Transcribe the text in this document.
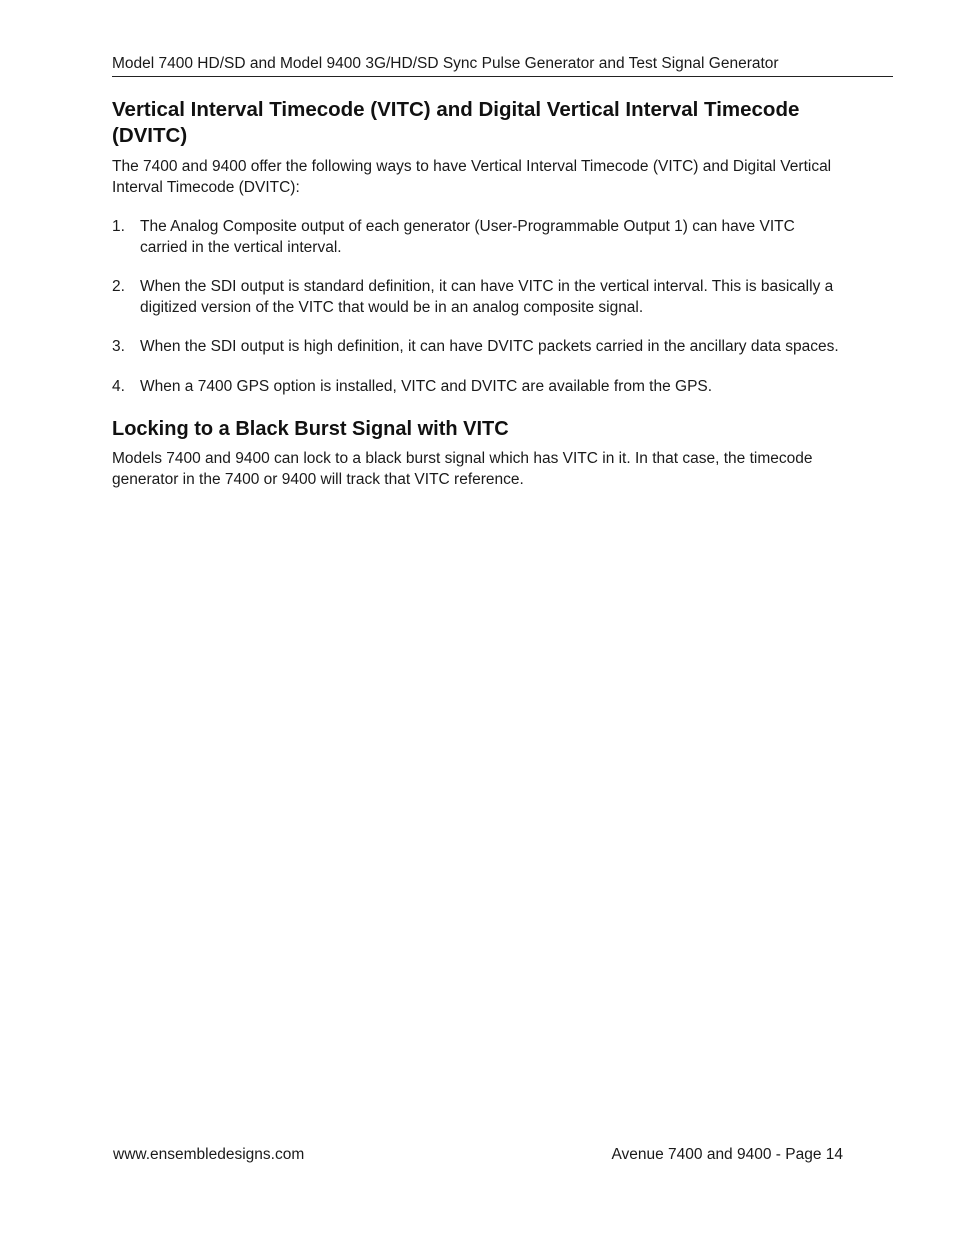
Model 7400 HD/SD and Model 9400 3G/HD/SD Sync Pulse Generator and Test Signal Generator
Vertical Interval Timecode (VITC) and Digital Vertical Interval Timecode (DVITC)

The 7400 and 9400 offer the following ways to have Vertical Interval Timecode (VITC) and Digital Vertical Interval Timecode (DVITC):

1. The Analog Composite output of each generator (User-Programmable Output 1) can have VITC carried in the vertical interval.
2. When the SDI output is standard definition, it can have VITC in the vertical interval. This is basically a digitized version of the VITC that would be in an analog composite signal.
3. When the SDI output is high definition, it can have DVITC packets carried in the ancillary data spaces.
4. When a 7400 GPS option is installed, VITC and DVITC are available from the GPS.
Locking to a Black Burst Signal with VITC

Models 7400 and 9400 can lock to a black burst signal which has VITC in it. In that case, the timecode generator in the 7400 or 9400 will track that VITC reference.

www.ensembledesigns.com	Avenue 7400 and 9400 - Page 14
